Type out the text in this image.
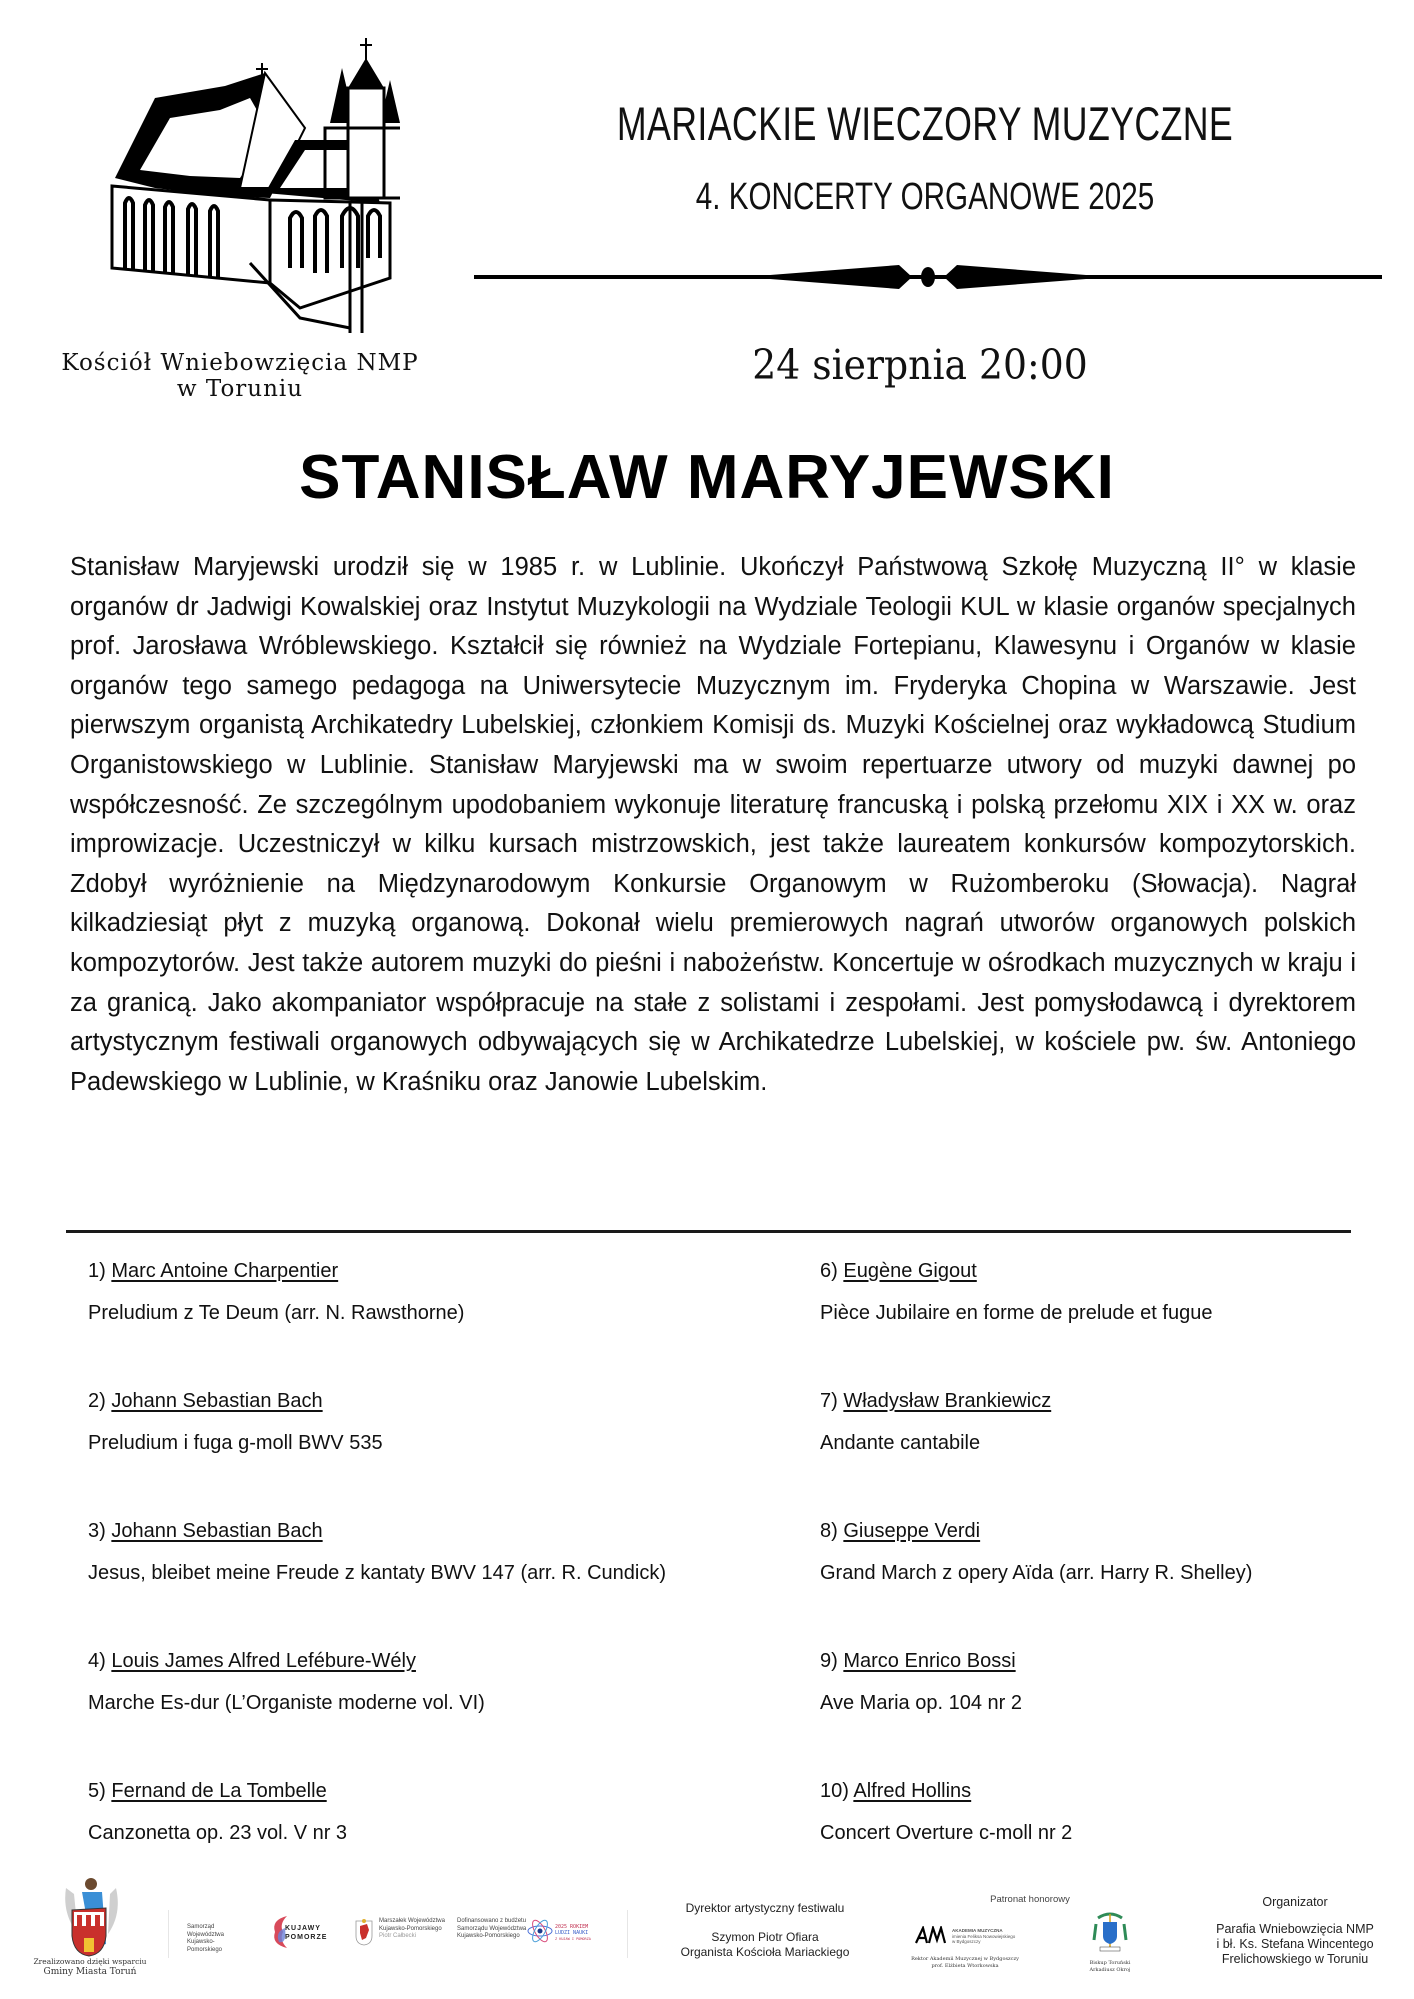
Kościół Wniebowzięcia NMP
w Toruniu
MARIACKIE WIECZORY MUZYCZNE
4. KONCERTY ORGANOWE 2025
24 sierpnia 20:00
STANISŁAW MARYJEWSKI

Stanisław Maryjewski urodził się w 1985 r. w Lublinie. Ukończył Państwową Szkołę Muzyczną II° w klasie organów dr Jadwigi Kowalskiej oraz Instytut Muzykologii na Wydziale Teologii KUL w klasie organów specjalnych prof. Jarosława Wróblewskiego. Kształcił się również na Wydziale Fortepianu, Klawesynu i Organów w klasie organów tego samego pedagoga na Uniwersytecie Muzycznym im. Fryderyka Chopina w Warszawie. Jest pierwszym organistą Archikatedry Lubelskiej, członkiem Komisji ds. Muzyki Kościelnej oraz wykładowcą Studium Organistowskiego w Lublinie. Stanisław Maryjewski ma w swoim repertuarze utwory od muzyki dawnej po współczesność. Ze szczególnym upodobaniem wykonuje literaturę francuską i polską przełomu XIX i XX w. oraz improwizacje. Uczestniczył w kilku kursach mistrzowskich, jest także laureatem konkursów kompozytorskich. Zdobył wyróżnienie na Międzynarodowym Konkursie Organowym w Rużomberoku (Słowacja). Nagrał kilkadziesiąt płyt z muzyką organową. Dokonał wielu premierowych nagrań utworów organowych polskich kompozytorów. Jest także autorem muzyki do pieśni i nabożeństw. Koncertuje w ośrodkach muzycznych w kraju i za granicą. Jako akompaniator współpracuje na stałe z solistami i zespołami. Jest pomysłodawcą i dyrektorem artystycznym festiwali organowych odbywających się w Archikatedrze Lubelskiej, w kościele pw. św. Antoniego Padewskiego w Lublinie, w Kraśniku oraz Janowie Lubelskim.

1) Marc Antoine Charpentier
Preludium z Te Deum (arr. N. Rawsthorne)
2) Johann Sebastian Bach
Preludium i fuga g-moll BWV 535
3) Johann Sebastian Bach
Jesus, bleibet meine Freude z kantaty BWV 147 (arr. R. Cundick)
4) Louis James Alfred Lefébure-Wély
Marche Es-dur (L’Organiste moderne vol. VI)
5) Fernand de La Tombelle
Canzonetta op. 23 vol. V nr 3
6) Eugène Gigout
Pièce Jubilaire en forme de prelude et fugue
7) Władysław Brankiewicz
Andante cantabile
8) Giuseppe Verdi
Grand March z opery Aïda (arr. Harry R. Shelley)
9) Marco Enrico Bossi
Ave Maria op. 104 nr 2
10) Alfred Hollins
Concert Overture c-moll nr 2
Zrealizowano dzięki wsparciu
Gminy Miasta Toruń
Samorząd Województwa Kujawsko-Pomorskiego
KUJAWY
POMORZE
Marszałek Województwa
Kujawsko-Pomorskiego
Piotr Całbecki
Dofinansowano z budżetu
Samorządu Województwa
Kujawsko-Pomorskiego
2025 ROKIEM
LUDZI NAUKI
Z KUJAW I POMORZA
Dyrektor artystyczny festiwalu
Szymon Piotr Ofiara
Organista Kościoła Mariackiego
Patronat honorowy
AKADEMIA MUZYCZNA
imienia Feliksa Nowowiejskiego
w Bydgoszczy
Rektor Akademii Muzycznej w Bydgoszczy
prof. Elżbieta Wtorkowska	Biskup Toruński
Arkadiusz Okroj
Organizator
Parafia Wniebowzięcia NMP
i bł. Ks. Stefana Wincentego
Frelichowskiego w Toruniu
